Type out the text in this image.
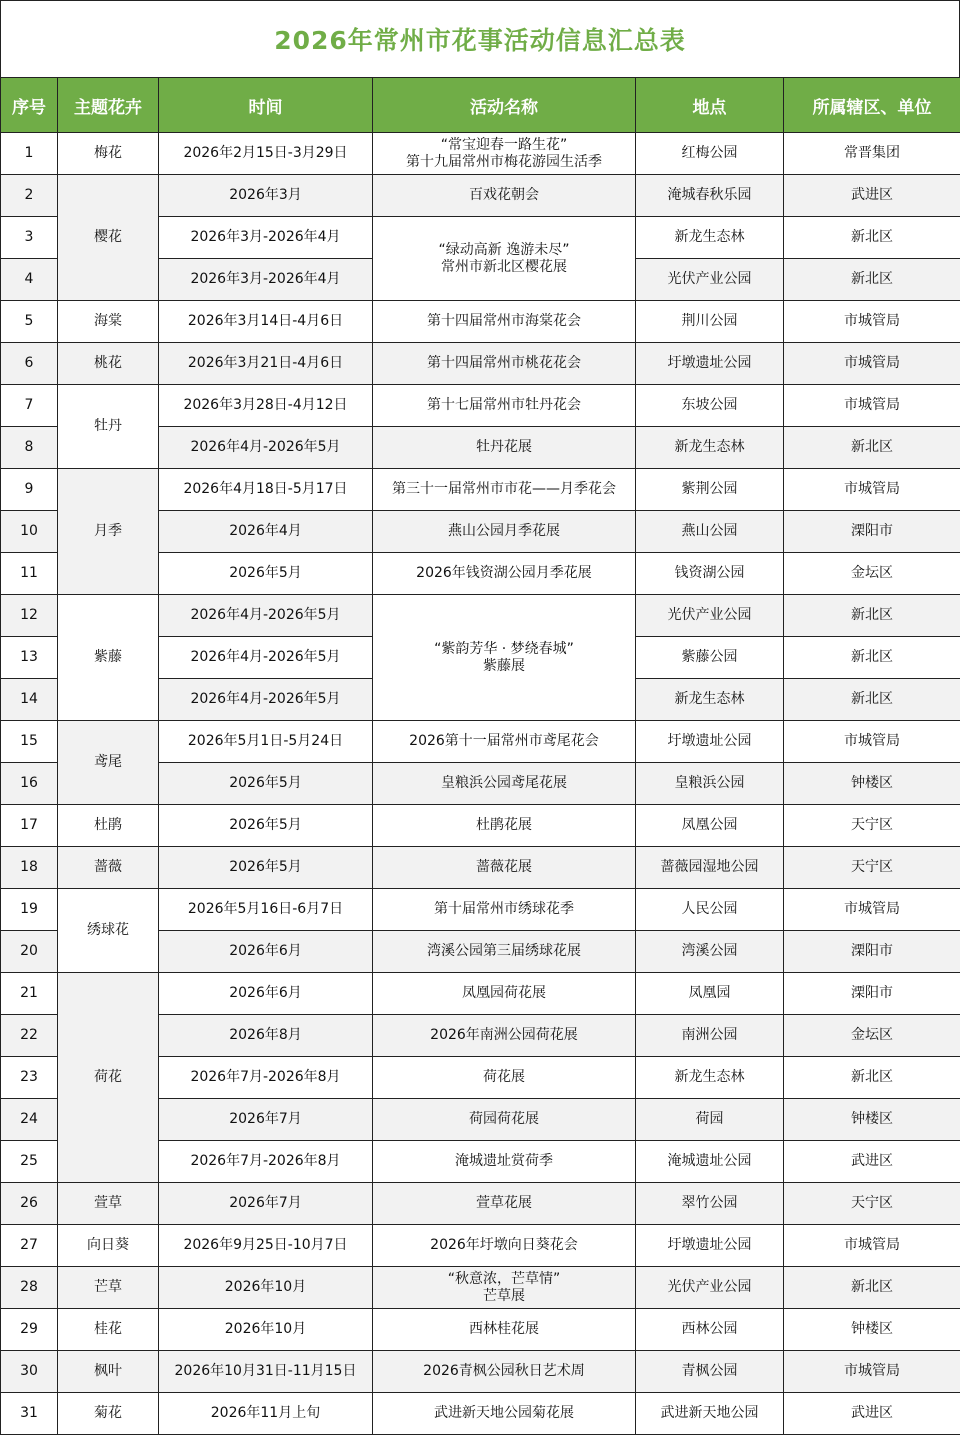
2026年常州市花事活动信息汇总表
序号	主题花卉	时间	活动名称	地点	所属辖区、单位
1	梅花	2026年2月15日-3月29日	“常宝迎春一路生花”
第十九届常州市梅花游园生活季	红梅公园	常晋集团
2	樱花	2026年3月	百戏花朝会	淹城春秋乐园	武进区
3		2026年3月-2026年4月	“绿动高新 逸游未尽”
常州市新北区樱花展	新龙生态林	新北区
4		2026年3月-2026年4月		光伏产业公园	新北区
5	海棠	2026年3月14日-4月6日	第十四届常州市海棠花会	荆川公园	市城管局
6	桃花	2026年3月21日-4月6日	第十四届常州市桃花花会	圩墩遗址公园	市城管局
7	牡丹	2026年3月28日-4月12日	第十七届常州市牡丹花会	东坡公园	市城管局
8		2026年4月-2026年5月	牡丹花展	新龙生态林	新北区
9	月季	2026年4月18日-5月17日	第三十一届常州市市花——月季花会	紫荆公园	市城管局
10		2026年4月	燕山公园月季花展	燕山公园	溧阳市
11		2026年5月	2026年钱资湖公园月季花展	钱资湖公园	金坛区
12	紫藤	2026年4月-2026年5月	“紫韵芳华 · 梦绕春城”
紫藤展	光伏产业公园	新北区
13		2026年4月-2026年5月		紫藤公园	新北区
14		2026年4月-2026年5月		新龙生态林	新北区
15	鸢尾	2026年5月1日-5月24日	2026第十一届常州市鸢尾花会	圩墩遗址公园	市城管局
16		2026年5月	皇粮浜公园鸢尾花展	皇粮浜公园	钟楼区
17	杜鹃	2026年5月	杜鹃花展	凤凰公园	天宁区
18	蔷薇	2026年5月	蔷薇花展	蔷薇园湿地公园	天宁区
19	绣球花	2026年5月16日-6月7日	第十届常州市绣球花季	人民公园	市城管局
20		2026年6月	湾溪公园第三届绣球花展	湾溪公园	溧阳市
21	荷花	2026年6月	凤凰园荷花展	凤凰园	溧阳市
22		2026年8月	2026年南洲公园荷花展	南洲公园	金坛区
23		2026年7月-2026年8月	荷花展	新龙生态林	新北区
24		2026年7月	荷园荷花展	荷园	钟楼区
25		2026年7月-2026年8月	淹城遗址赏荷季	淹城遗址公园	武进区
26	萱草	2026年7月	萱草花展	翠竹公园	天宁区
27	向日葵	2026年9月25日-10月7日	2026年圩墩向日葵花会	圩墩遗址公园	市城管局
28	芒草	2026年10月	“秋意浓，芒草情”
芒草展	光伏产业公园	新北区
29	桂花	2026年10月	西林桂花展	西林公园	钟楼区
30	枫叶	2026年10月31日-11月15日	2026青枫公园秋日艺术周	青枫公园	市城管局
31	菊花	2026年11月上旬	武进新天地公园菊花展	武进新天地公园	武进区
